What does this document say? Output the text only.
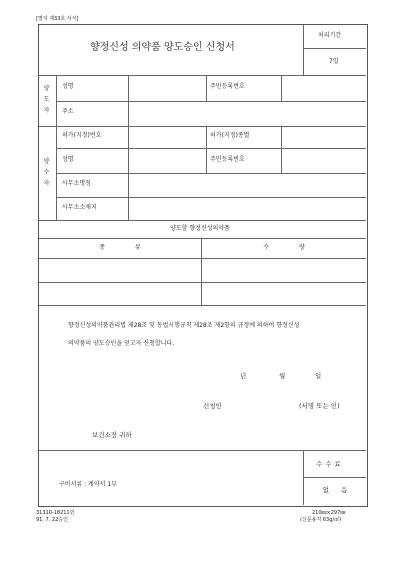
[별지 제33호 서식]
향정신성 의약품 양도승인 신청서
처리기간
7일
양도자
성명	주민등록번호
주소
양수자
허가(지정)번호	허가(지정)종별
성명	주민등록번호
사무소명칭
사무소소재지
양도할 향정신성의약품
종류	수량
향정신성의약품관리법 제28조 및 동법시행규칙 제28조 제2항의 규정에 의하여 향정신성
의약품의 양도승인을 얻고자 신청합니다.
년	월	일
신청인	(서명 또는 인)
보건소장 귀하
구비서류 : 계약서 1부
수수료
없음
31310-18211민
91. 7. 22승인
210㎜×297㎜
(신문용지 63g/㎡)
